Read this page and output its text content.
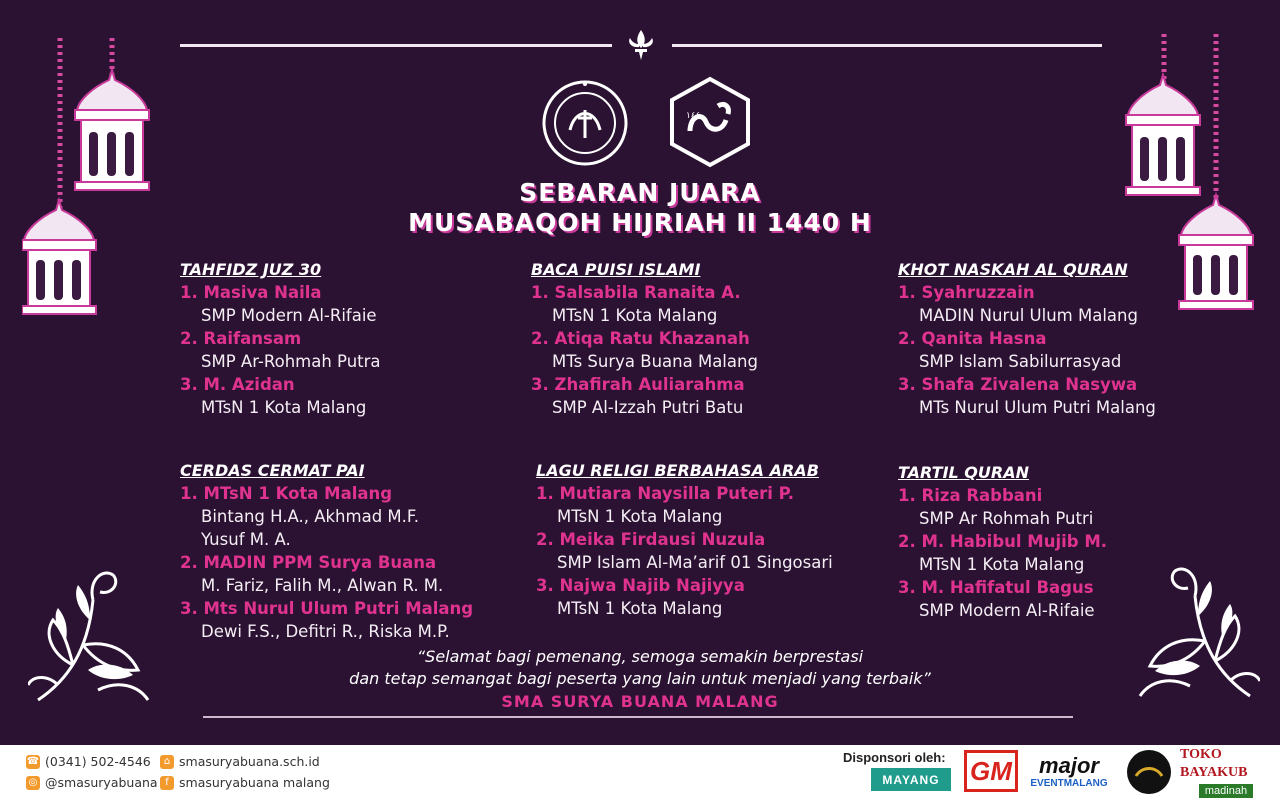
١٤٤٠
SEBARAN JUARA
MUSABAQOH HIJRIAH II 1440 H
TAHFIDZ JUZ 30
1. Masiva Naila
SMP Modern Al-Rifaie
2. Raifansam
SMP Ar-Rohmah Putra
3. M. Azidan
MTsN 1 Kota Malang
BACA PUISI ISLAMI
1. Salsabila Ranaita A.
MTsN 1 Kota Malang
2. Atiqa Ratu Khazanah
MTs Surya Buana Malang
3. Zhafirah Auliarahma
SMP Al-Izzah Putri Batu
KHOT NASKAH AL QURAN
1. Syahruzzain
MADIN Nurul Ulum Malang
2. Qanita Hasna
SMP Islam Sabilurrasyad
3. Shafa Zivalena Nasywa
MTs Nurul Ulum Putri Malang
CERDAS CERMAT PAI
1. MTsN 1 Kota Malang
Bintang H.A., Akhmad M.F.
Yusuf M. A.
2. MADIN PPM Surya Buana
M. Fariz, Falih M., Alwan R. M.
3. Mts Nurul Ulum Putri Malang
Dewi F.S., Defitri R., Riska M.P.
LAGU RELIGI BERBAHASA ARAB
1. Mutiara Naysilla Puteri P.
MTsN 1 Kota Malang
2. Meika Firdausi Nuzula
SMP Islam Al-Ma’arif 01 Singosari
3. Najwa Najib Najiyya
MTsN 1 Kota Malang
TARTIL QURAN
1. Riza Rabbani
SMP Ar Rohmah Putri
2. M. Habibul Mujib M.
MTsN 1 Kota Malang
3. M. Hafifatul Bagus
SMP Modern Al-Rifaie
“Selamat bagi pemenang, semoga semakin berprestasi
dan tetap semangat bagi peserta yang lain untuk menjadi yang terbaik”
SMA SURYA BUANA MALANG
☎ (0341) 502-4546	⌂ smasuryabuana.sch.id
◎ @smasuryabuana f smasuryabuana malang
Disponsori oleh:
MAYANG GM major
EVENTMALANG
TOKO BAYAKUB
madinah
